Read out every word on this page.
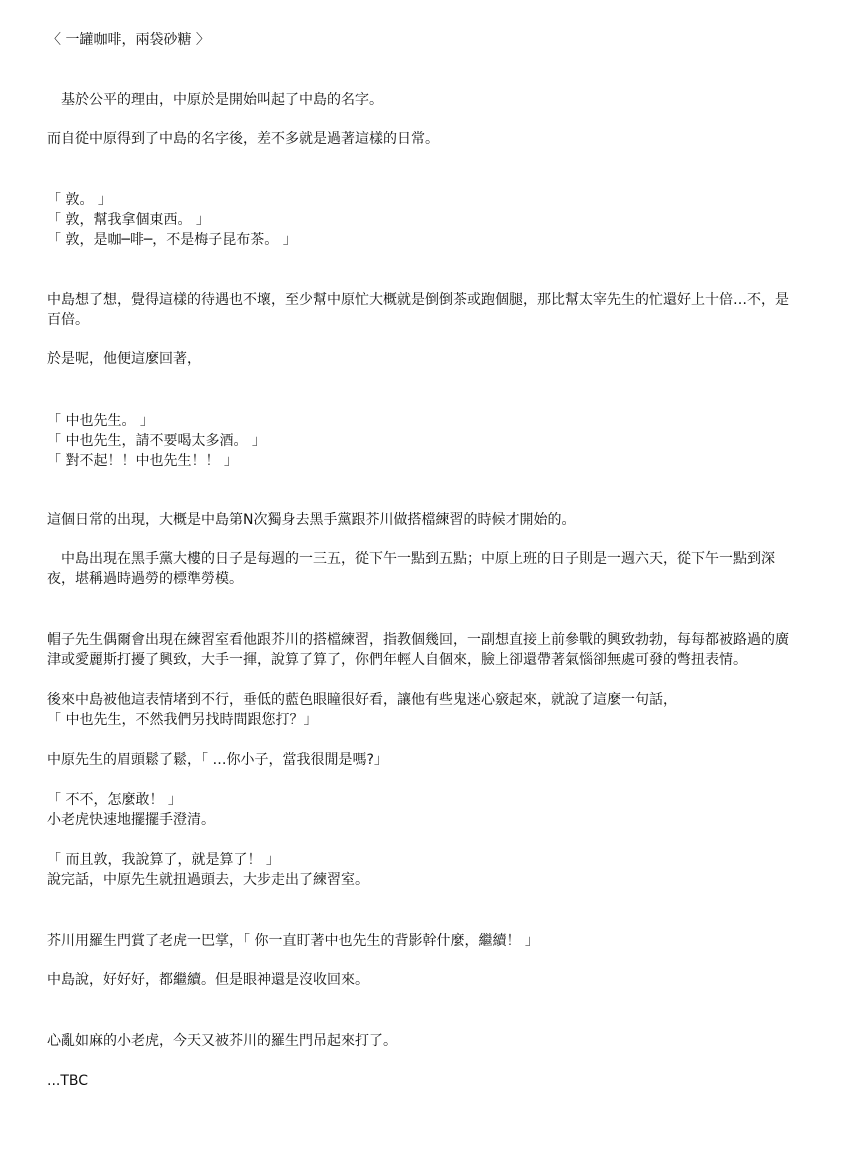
〈 一罐咖啡，兩袋砂糖 〉

　基於公平的理由，中原於是開始叫起了中島的名字。

而自從中原得到了中島的名字後，差不多就是過著這樣的日常。

「 敦。 」

「 敦，幫我拿個東西。 」

「 敦，是咖─啡─，不是梅子昆布茶。 」

中島想了想，覺得這樣的待遇也不壞，至少幫中原忙大概就是倒倒茶或跑個腿，那比幫太宰先生的忙還好上十倍…不，是百倍。

於是呢，他便這麼回著，

「 中也先生。 」

「 中也先生，請不要喝太多酒。 」

「 對不起！！中也先生！！ 」

這個日常的出現，大概是中島第N次獨身去黑手黨跟芥川做搭檔練習的時候才開始的。

　中島出現在黑手黨大樓的日子是每週的一三五，從下午一點到五點；中原上班的日子則是一週六天，從下午一點到深夜，堪稱過時過勞的標準勞模。

帽子先生偶爾會出現在練習室看他跟芥川的搭檔練習，指教個幾回，一副想直接上前參戰的興致勃勃，每每都被路過的廣津或愛麗斯打擾了興致，大手一揮，說算了算了，你們年輕人自個來，臉上卻還帶著氣惱卻無處可發的彆扭表情。

後來中島被他這表情堵到不行，垂低的藍色眼瞳很好看，讓他有些鬼迷心竅起來，就說了這麼一句話，

「 中也先生，不然我們另找時間跟您打？」

中原先生的眉頭鬆了鬆，「 …你小子，當我很閒是嗎?」

「 不不，怎麼敢！ 」

小老虎快速地擺擺手澄清。

「 而且敦，我說算了，就是算了！ 」

說完話，中原先生就扭過頭去，大步走出了練習室。

芥川用羅生門賞了老虎一巴掌，「 你一直盯著中也先生的背影幹什麼，繼續！ 」

中島說，好好好，都繼續。但是眼神還是沒收回來。

心亂如麻的小老虎，今天又被芥川的羅生門吊起來打了。

...TBC
